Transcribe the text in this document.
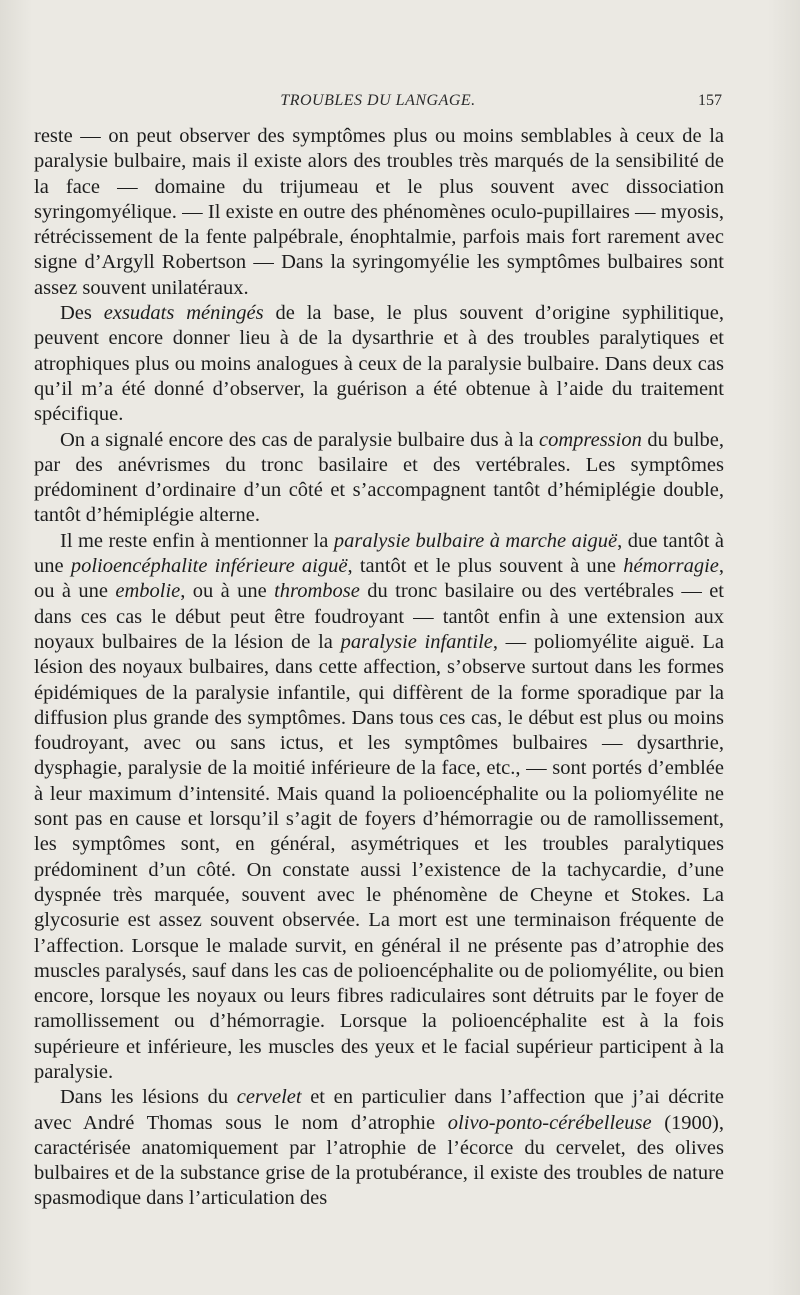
TROUBLES DU LANGAGE.	157

reste — on peut observer des symptômes plus ou moins semblables à ceux de la paralysie bulbaire, mais il existe alors des troubles très marqués de la sensibilité de la face — domaine du trijumeau et le plus souvent avec dissociation syringomyélique. — Il existe en outre des phénomènes oculo-pupillaires — myosis, rétrécissement de la fente palpébrale, énophtalmie, parfois mais fort rarement avec signe d’Argyll Robertson — Dans la syringomyélie les symptômes bulbaires sont assez souvent unilatéraux.

Des exsudats méningés de la base, le plus souvent d’origine syphilitique, peuvent encore donner lieu à de la dysarthrie et à des troubles paralytiques et atrophiques plus ou moins analogues à ceux de la paralysie bulbaire. Dans deux cas qu’il m’a été donné d’observer, la guérison a été obtenue à l’aide du traitement spécifique.

On a signalé encore des cas de paralysie bulbaire dus à la compression du bulbe, par des anévrismes du tronc basilaire et des vertébrales. Les symptômes prédominent d’ordinaire d’un côté et s’accompagnent tantôt d’hémiplégie double, tantôt d’hémiplégie alterne.

Il me reste enfin à mentionner la paralysie bulbaire à marche aiguë, due tantôt à une polioencéphalite inférieure aiguë, tantôt et le plus souvent à une hémorragie, ou à une embolie, ou à une thrombose du tronc basilaire ou des vertébrales — et dans ces cas le début peut être foudroyant — tantôt enfin à une extension aux noyaux bulbaires de la lésion de la paralysie infantile, — poliomyélite aiguë. La lésion des noyaux bulbaires, dans cette affection, s’observe surtout dans les formes épidémiques de la paralysie infantile, qui diffèrent de la forme sporadique par la diffusion plus grande des symptômes. Dans tous ces cas, le début est plus ou moins foudroyant, avec ou sans ictus, et les symptômes bulbaires — dysarthrie, dysphagie, paralysie de la moitié inférieure de la face, etc., — sont portés d’emblée à leur maximum d’intensité. Mais quand la polioencéphalite ou la poliomyélite ne sont pas en cause et lorsqu’il s’agit de foyers d’hémorragie ou de ramollissement, les symptômes sont, en général, asymétriques et les troubles paralytiques prédominent d’un côté. On constate aussi l’existence de la tachycardie, d’une dyspnée très marquée, souvent avec le phénomène de Cheyne et Stokes. La glycosurie est assez souvent observée. La mort est une terminaison fréquente de l’affection. Lorsque le malade survit, en général il ne présente pas d’atrophie des muscles paralysés, sauf dans les cas de polioencéphalite ou de poliomyélite, ou bien encore, lorsque les noyaux ou leurs fibres radiculaires sont détruits par le foyer de ramollissement ou d’hémorragie. Lorsque la polioencéphalite est à la fois supérieure et inférieure, les muscles des yeux et le facial supérieur participent à la paralysie.

Dans les lésions du cervelet et en particulier dans l’affection que j’ai décrite avec André Thomas sous le nom d’atrophie olivo-ponto-cérébelleuse (1900), caractérisée anatomiquement par l’atrophie de l’écorce du cervelet, des olives bulbaires et de la substance grise de la protubérance, il existe des troubles de nature spasmodique dans l’articulation des
